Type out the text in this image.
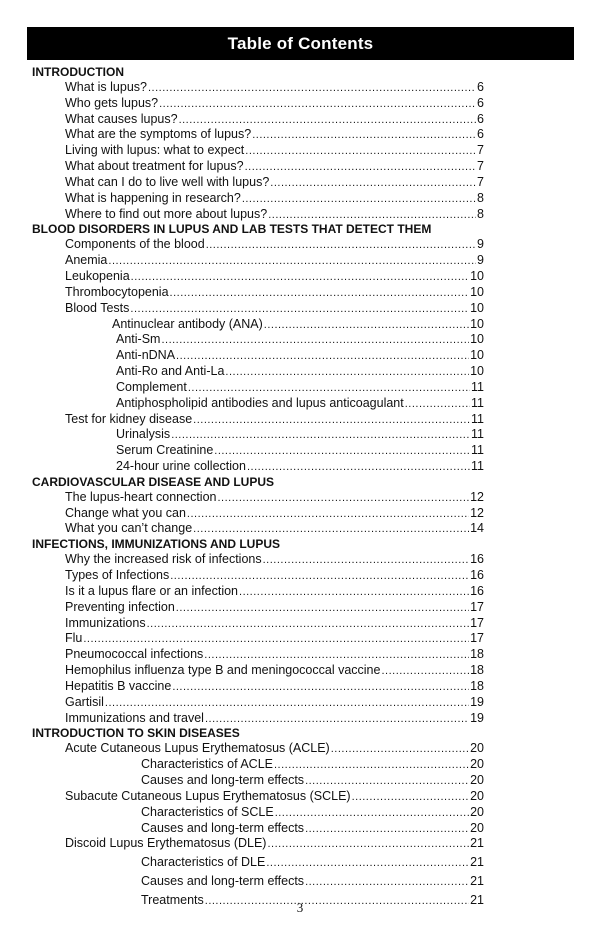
Table of Contents
INTRODUCTION
What is lupus? .....	6
Who gets lupus? .....	6
What causes lupus? .....	6
What are the symptoms of lupus? .....	6
Living with lupus: what to expect .....	7
What about treatment for lupus? .....	7
What can I do to live well with lupus? .....	7
What is happening in research? .....	8
Where to find out more about lupus? .....	8
BLOOD DISORDERS IN LUPUS AND LAB TESTS THAT DETECT THEM
Components of the blood .....	9
Anemia .....	9
Leukopenia .....	10
Thrombocytopenia .....	10
Blood Tests .....	10
Antinuclear antibody (ANA) .....	10
Anti-Sm .....	10
Anti-nDNA .....	10
Anti-Ro and Anti-La .....	10
Complement .....	11
Antiphospholipid antibodies and lupus anticoagulant .....	11
Test for kidney disease .....	11
Urinalysis .....	11
Serum Creatinine .....	11
24-hour urine collection .....	11
CARDIOVASCULAR DISEASE AND LUPUS
The lupus-heart connection .....	12
Change what you can .....	12
What you can’t change .....	14
INFECTIONS, IMMUNIZATIONS AND LUPUS
Why the increased risk of infections .....	16
Types of Infections .....	16
Is it a lupus flare or an infection .....	16
Preventing infection .....	17
Immunizations .....	17
Flu .....	17
Pneumococcal infections .....	18
Hemophilus influenza type B and meningococcal vaccine .....	18
Hepatitis B vaccine .....	18
Gartisil .....	19
Immunizations and travel .....	19
INTRODUCTION TO SKIN DISEASES
Acute Cutaneous Lupus Erythematosus (ACLE) .....	20
Characteristics of ACLE .....	20
Causes and long-term effects .....	20
Subacute Cutaneous Lupus Erythematosus (SCLE) .....	20
Characteristics of SCLE .....	20
Causes and long-term effects .....	20
Discoid Lupus Erythematosus (DLE) .....	21
Characteristics of DLE .....	21
Causes and long-term effects .....	21
Treatments .....	21
3
